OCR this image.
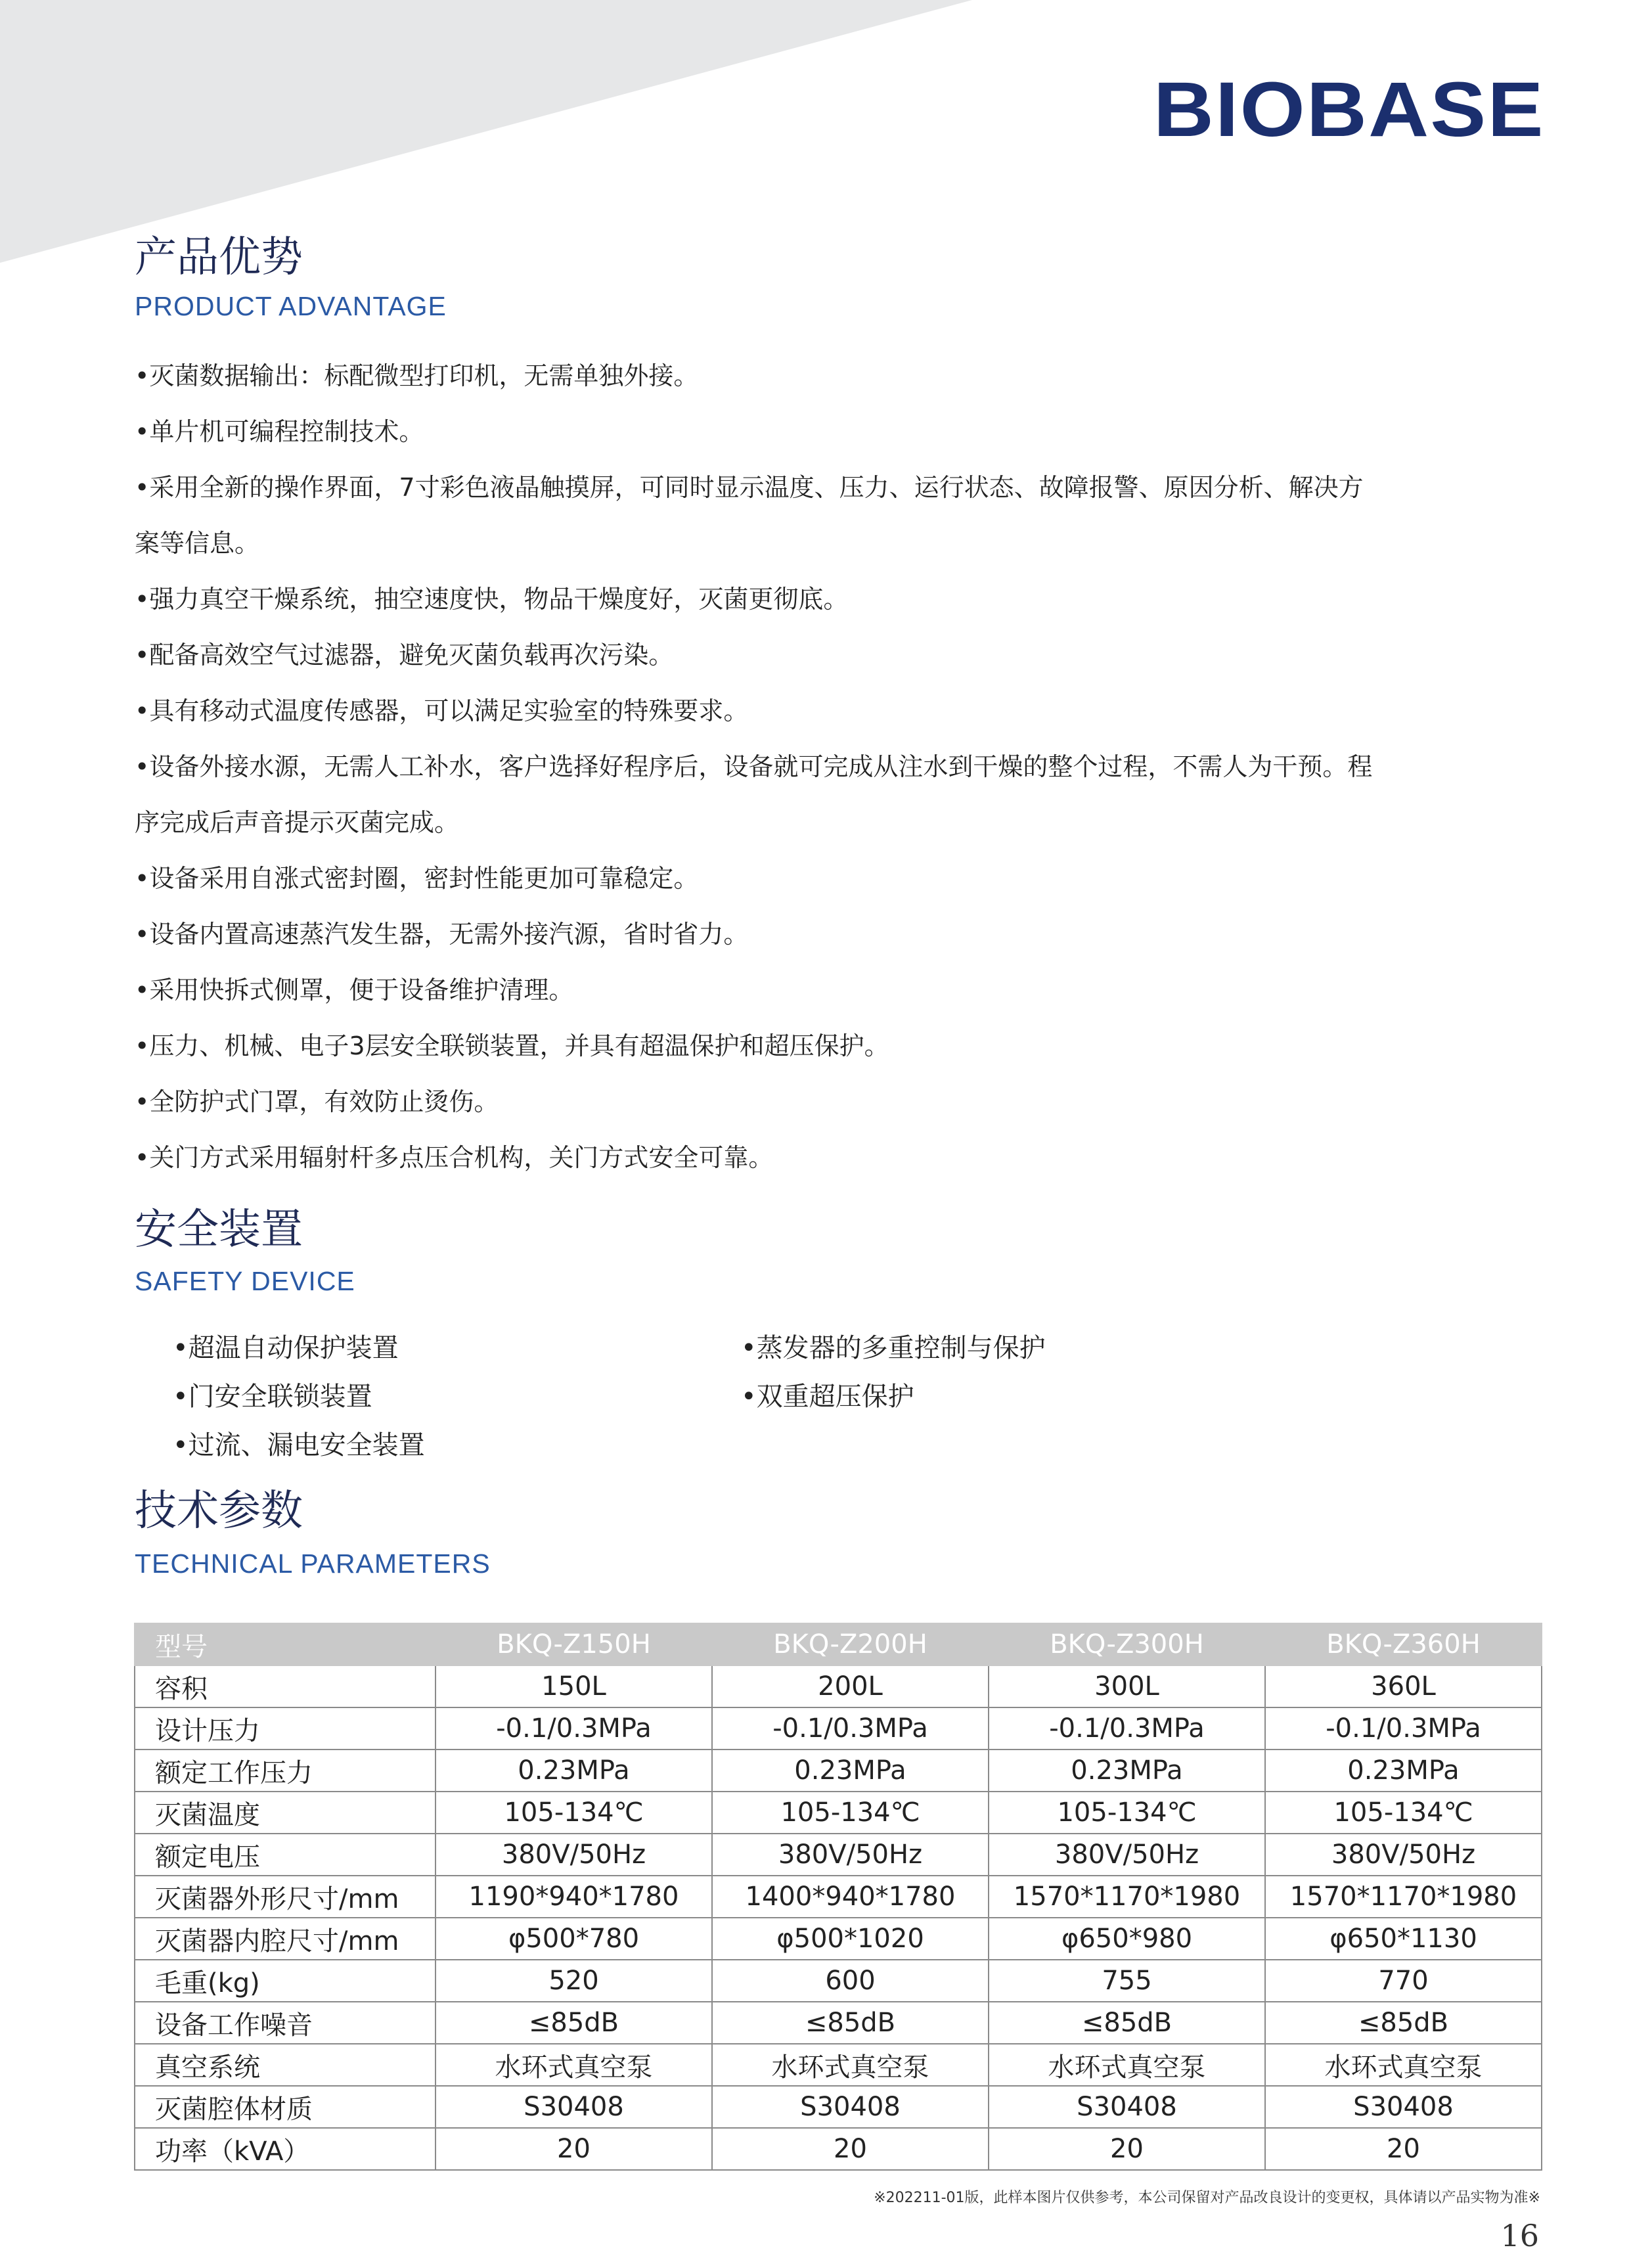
BIOBASE
产品优势
PRODUCT ADVANTAGE
•灭菌数据输出：标配微型打印机，无需单独外接。
•单片机可编程控制技术。
•采用全新的操作界面，7寸彩色液晶触摸屏，可同时显示温度、压力、运行状态、故障报警、原因分析、解决方
案等信息。
•强力真空干燥系统，抽空速度快，物品干燥度好，灭菌更彻底。
•配备高效空气过滤器，避免灭菌负载再次污染。
•具有移动式温度传感器，可以满足实验室的特殊要求。
•设备外接水源，无需人工补水，客户选择好程序后，设备就可完成从注水到干燥的整个过程，不需人为干预。程
序完成后声音提示灭菌完成。
•设备采用自涨式密封圈，密封性能更加可靠稳定。
•设备内置高速蒸汽发生器，无需外接汽源，省时省力。
•采用快拆式侧罩，便于设备维护清理。
•压力、机械、电子3层安全联锁装置，并具有超温保护和超压保护。
•全防护式门罩，有效防止烫伤。
•关门方式采用辐射杆多点压合机构，关门方式安全可靠。
安全装置
SAFETY DEVICE
•超温自动保护装置
•门安全联锁装置
•过流、漏电安全装置
•蒸发器的多重控制与保护
•双重超压保护
技术参数
TECHNICAL PARAMETERS
型号	BKQ-Z150H	BKQ-Z200H	BKQ-Z300H	BKQ-Z360H
容积	150L	200L	300L	360L
设计压力	-0.1/0.3MPa	-0.1/0.3MPa	-0.1/0.3MPa	-0.1/0.3MPa
额定工作压力	0.23MPa	0.23MPa	0.23MPa	0.23MPa
灭菌温度	105-134℃	105-134℃	105-134℃	105-134℃
额定电压	380V/50Hz	380V/50Hz	380V/50Hz	380V/50Hz
灭菌器外形尺寸/mm	1190*940*1780	1400*940*1780	1570*1170*1980	1570*1170*1980
灭菌器内腔尺寸/mm	φ500*780	φ500*1020	φ650*980	φ650*1130
毛重(kg)	520	600	755	770
设备工作噪音	≤85dB	≤85dB	≤85dB	≤85dB
真空系统	水环式真空泵	水环式真空泵	水环式真空泵	水环式真空泵
灭菌腔体材质	S30408	S30408	S30408	S30408
功率（kVA）	20	20	20	20
※202211-01版，此样本图片仅供参考，本公司保留对产品改良设计的变更权，具体请以产品实物为准※
16
